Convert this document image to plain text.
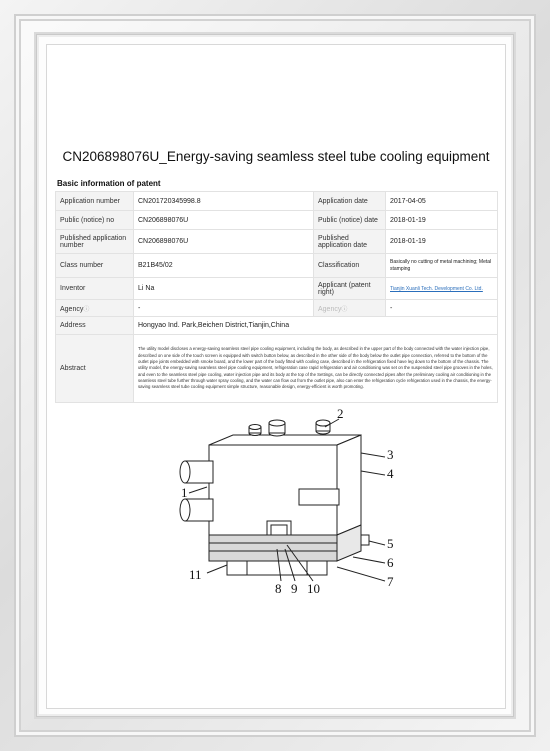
CN206898076U_Energy-saving seamless steel tube cooling equipment
Basic information of patent
Application number	CN201720345998.8	Application date	2017-04-05
Public (notice) no	CN206898076U	Public (notice) date	2018-01-19
Published application number	CN206898076U	Published application date	2018-01-19
Class number	B21B45/02	Classification	Basically no cutting of metal machining; Metal stamping
Inventor	Li Na	Applicant (patent right)	Tianjin Xuanli Tech. Development Co. Ltd.
Agencyⓘ	-	Agencyⓘ	-
Address	Hongyao Ind. Park,Beichen District,Tianjin,China		
Abstract	The utility model discloses a energy-saving seamless steel pipe cooling equipment, including the body, as described in the upper part of the body connected with the water injection pipe, described on one side of the touch screen is equipped with switch button below, as described in the other side of the body below the outlet pipe connection, referred to the bottom of the outlet pipe joints embedded with smoke board, and the lower part of the body fitted with cooling case, described in the refrigeration fixed have leg down to the bottom of the chassis. The utility model, the energy-saving seamless steel pipe cooling equipment, refrigeration case rapid refrigeration and air conditioning was set on the suspended steel pipe grooves in the holes, and even to the seamless steel pipe cooling, water injection pipe and its body at the top of the Settings, can be directly connected pipes after the preliminary cooling air conditioning in the seamless steel tube further through water spray cooling, and the water can flow out from the outlet pipe, also can enter the refrigeration cycle refrigeration used in the chassis, the energy-saving seamless steel tube cooling equipment simple structure, reasonable design, energy-efficient is worth promoting.		
1
2
3
4
5
6
7
8 9 10
11
